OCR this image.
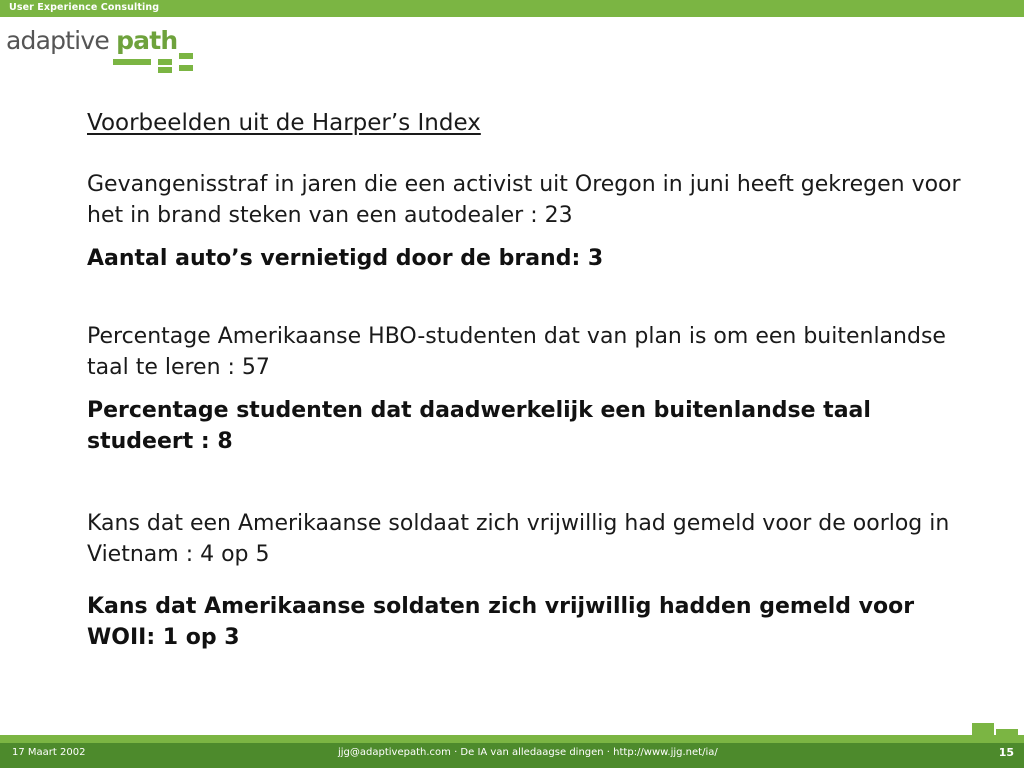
User Experience Consulting
adaptive path
Voorbeelden uit de Harper’s Index

Gevangenisstraf in jaren die een activist uit Oregon in juni heeft gekregen voor het in brand steken van een autodealer : 23

Aantal auto’s vernietigd door de brand: 3

Percentage Amerikaanse HBO-studenten dat van plan is om een buitenlandse taal te leren : 57

Percentage studenten dat daadwerkelijk een buitenlandse taal studeert : 8

Kans dat een Amerikaanse soldaat zich vrijwillig had gemeld voor de oorlog in Vietnam : 4 op 5

Kans dat Amerikaanse soldaten zich vrijwillig hadden gemeld voor WOII: 1 op 3

17 Maart 2002	jjg@adaptivepath.com · De IA van alledaagse dingen · http://www.jjg.net/ia/	15
